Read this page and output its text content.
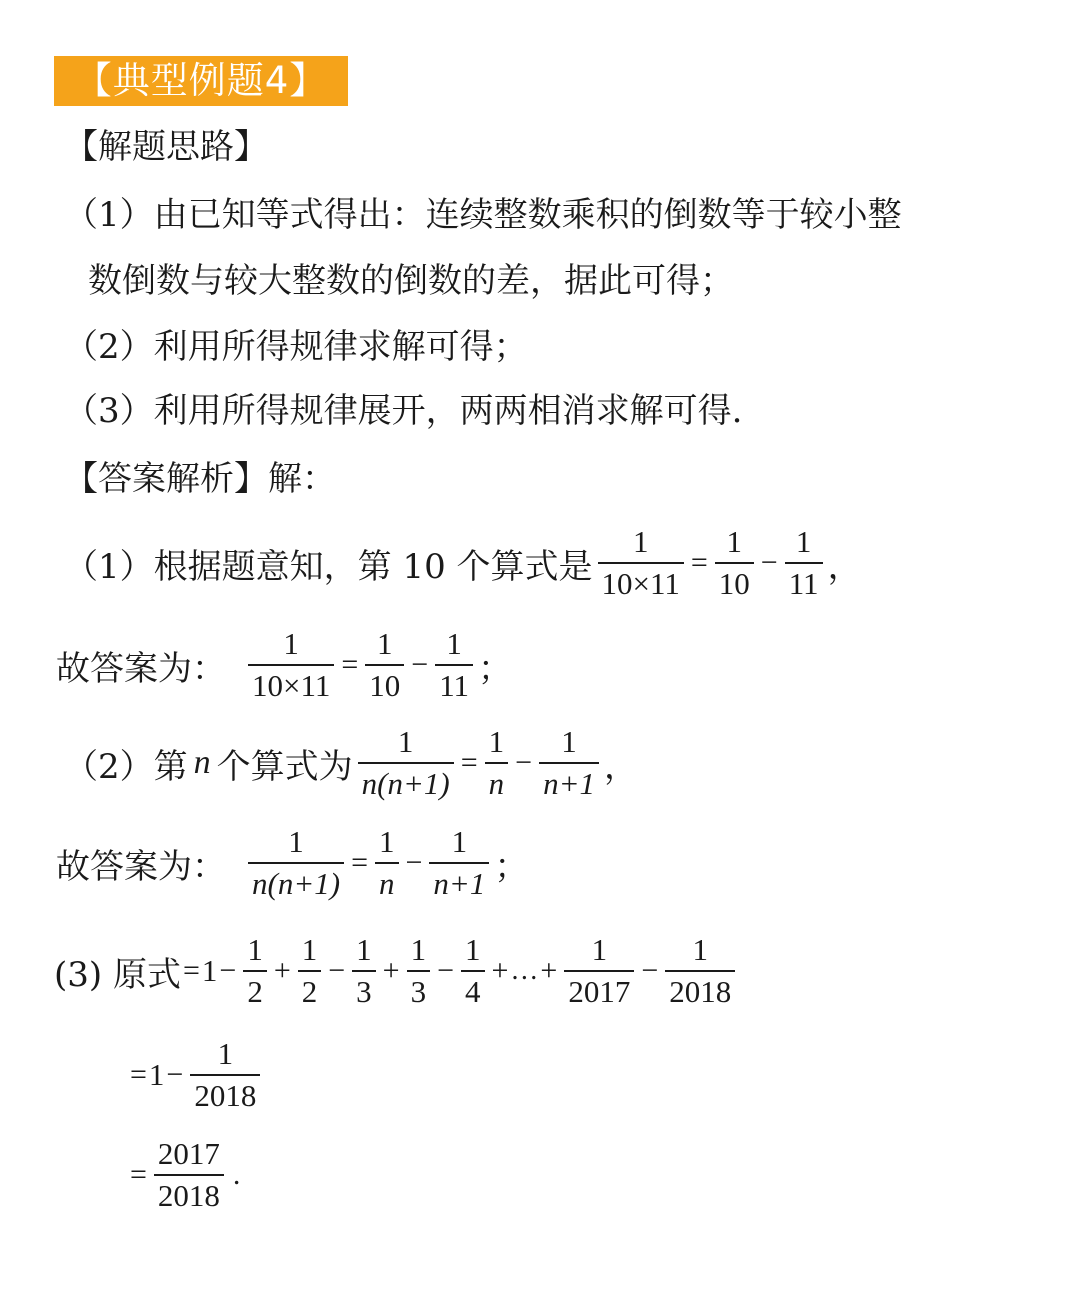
【典型例题4】
【解题思路】
（1）由已知等式得出：连续整数乘积的倒数等于较小整
数倒数与较大整数的倒数的差，据此可得；
（2）利用所得规律求解可得；
（3）利用所得规律展开，两两相消求解可得.
【答案解析】解：
（1）根据题意知，第 10 个算式是 $\frac{1}{10\times 11} = \frac{1}{10} - \frac{1}{11}$ ，
故答案为： $\frac{1}{10\times 11} = \frac{1}{10} - \frac{1}{11}$ ；
（2）第 n 个算式为 $\frac{1}{n(n+1)} = \frac{1}{n} - \frac{1}{n+1}$ ，
故答案为： $\frac{1}{n(n+1)} = \frac{1}{n} - \frac{1}{n+1}$ ；
(3) 原式 = $1 - \frac{1}{2} + \frac{1}{2} - \frac{1}{3} + \frac{1}{3} - \frac{1}{4}$ + … + $\frac{1}{2017} - \frac{1}{2018}$
= $1 - \frac{1}{2018}$
= $\frac{2017}{2018}$ .
